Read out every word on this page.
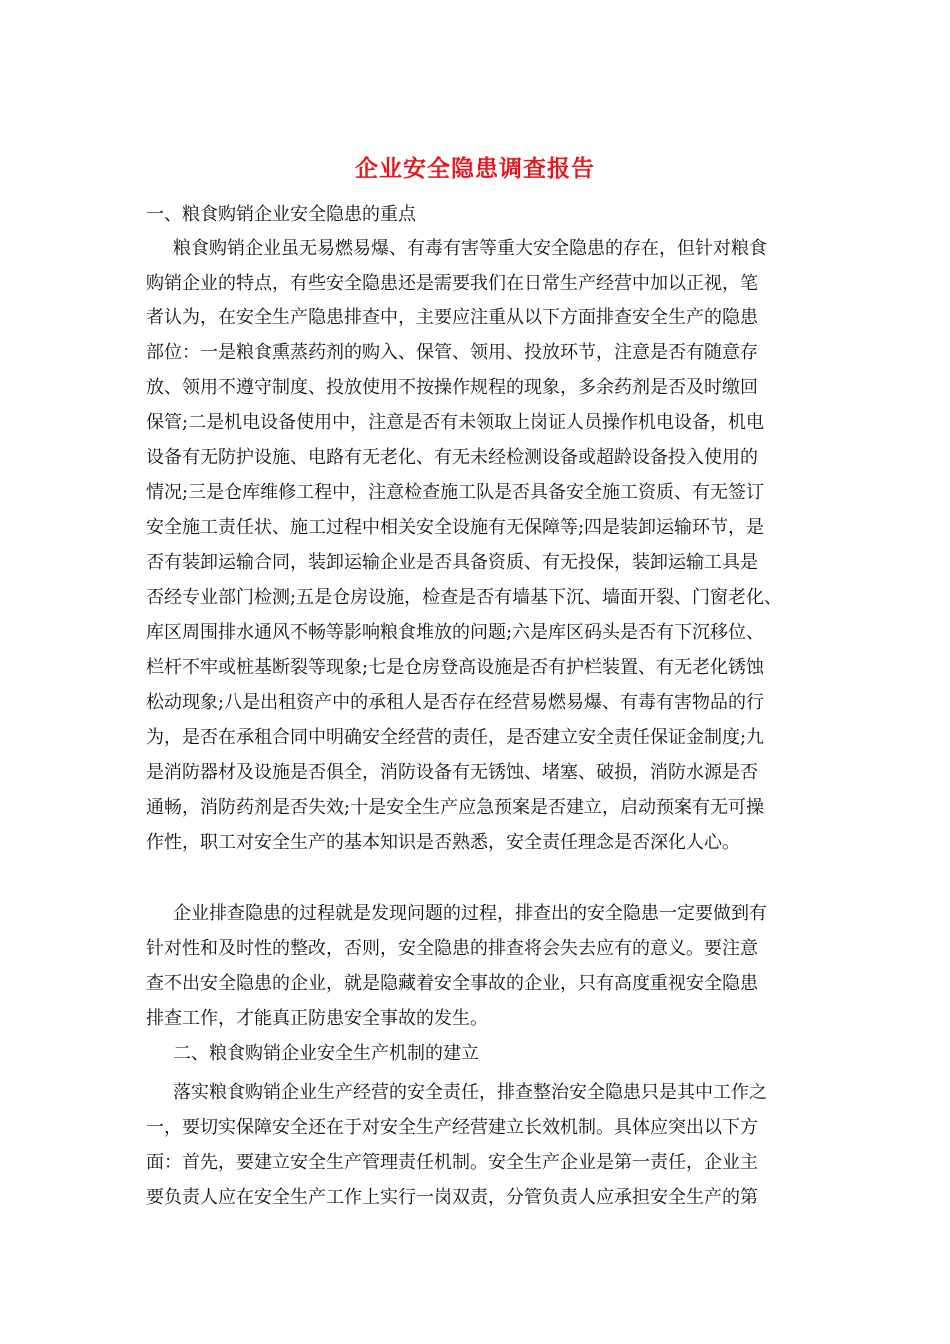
企业安全隐患调查报告

一、粮食购销企业安全隐患的重点

粮食购销企业虽无易燃易爆、有毒有害等重大安全隐患的存在，但针对粮食

购销企业的特点，有些安全隐患还是需要我们在日常生产经营中加以正视，笔

者认为，在安全生产隐患排查中，主要应注重从以下方面排查安全生产的隐患

部位：一是粮食熏蒸药剂的购入、保管、领用、投放环节，注意是否有随意存

放、领用不遵守制度、投放使用不按操作规程的现象，多余药剂是否及时缴回

保管;二是机电设备使用中，注意是否有未领取上岗证人员操作机电设备，机电

设备有无防护设施、电路有无老化、有无未经检测设备或超龄设备投入使用的

情况;三是仓库维修工程中，注意检查施工队是否具备安全施工资质、有无签订

安全施工责任状、施工过程中相关安全设施有无保障等;四是装卸运输环节，是

否有装卸运输合同，装卸运输企业是否具备资质、有无投保，装卸运输工具是

否经专业部门检测;五是仓房设施，检查是否有墙基下沉、墙面开裂、门窗老化、

库区周围排水通风不畅等影响粮食堆放的问题;六是库区码头是否有下沉移位、

栏杆不牢或桩基断裂等现象;七是仓房登高设施是否有护栏装置、有无老化锈蚀

松动现象;八是出租资产中的承租人是否存在经营易燃易爆、有毒有害物品的行

为，是否在承租合同中明确安全经营的责任，是否建立安全责任保证金制度;九

是消防器材及设施是否俱全，消防设备有无锈蚀、堵塞、破损，消防水源是否

通畅，消防药剂是否失效;十是安全生产应急预案是否建立，启动预案有无可操

作性，职工对安全生产的基本知识是否熟悉，安全责任理念是否深化人心。

企业排查隐患的过程就是发现问题的过程，排查出的安全隐患一定要做到有

针对性和及时性的整改，否则，安全隐患的排查将会失去应有的意义。要注意

查不出安全隐患的企业，就是隐藏着安全事故的企业，只有高度重视安全隐患

排查工作，才能真正防患安全事故的发生。

二、粮食购销企业安全生产机制的建立

落实粮食购销企业生产经营的安全责任，排查整治安全隐患只是其中工作之

一，要切实保障安全还在于对安全生产经营建立长效机制。具体应突出以下方

面：首先，要建立安全生产管理责任机制。安全生产企业是第一责任，企业主

要负责人应在安全生产工作上实行一岗双责，分管负责人应承担安全生产的第
